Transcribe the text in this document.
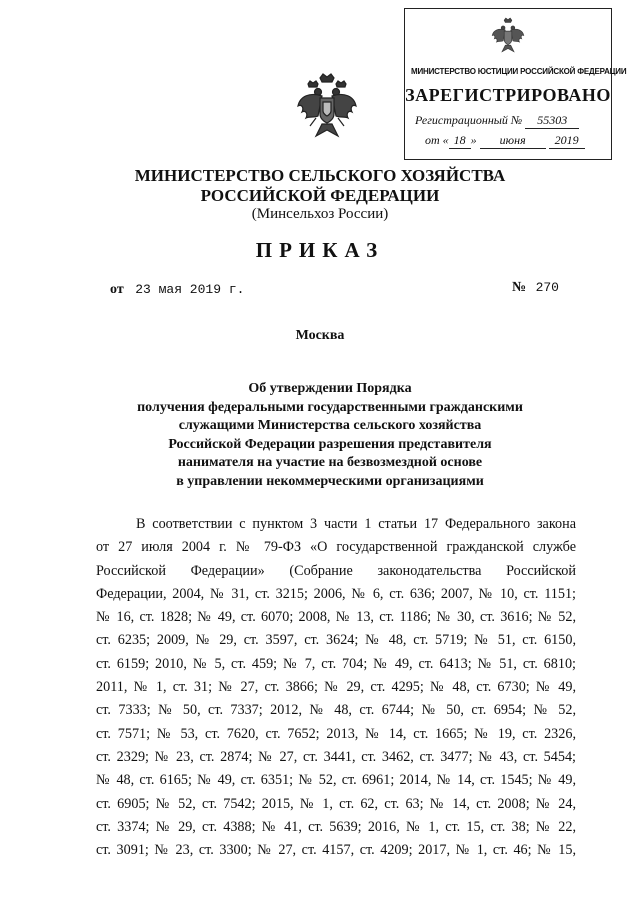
МИНИСТЕРСТВО ЮСТИЦИИ РОССИЙСКОЙ ФЕДЕРАЦИИ
ЗАРЕГИСТРИРОВАНО
Регистрационный № 55303
от « 18 » июня 2019
МИНИСТЕРСТВО СЕЛЬСКОГО ХОЗЯЙСТВА
РОССИЙСКОЙ ФЕДЕРАЦИИ
(Минсельхоз России)
ПРИКАЗ
от 23 мая 2019 г.	№ 270
Москва
Об утверждении Порядка
получения федеральными государственными гражданскими
служащими Министерства сельского хозяйства
Российской Федерации разрешения представителя
нанимателя на участие на безвозмездной основе
в управлении некоммерческими организациями
В соответствии с пунктом 3 части 1 статьи 17 Федерального закона
от 27 июля 2004 г. № 79-ФЗ «О государственной гражданской службе
Российской Федерации» (Собрание законодательства Российской
Федерации, 2004, № 31, ст. 3215; 2006, № 6, ст. 636; 2007, № 10, ст. 1151;
№ 16, ст. 1828; № 49, ст. 6070; 2008, № 13, ст. 1186; № 30, ст. 3616; № 52,
ст. 6235; 2009, № 29, ст. 3597, ст. 3624; № 48, ст. 5719; № 51, ст. 6150,
ст. 6159; 2010, № 5, ст. 459; № 7, ст. 704; № 49, ст. 6413; № 51, ст. 6810;
2011, № 1, ст. 31; № 27, ст. 3866; № 29, ст. 4295; № 48, ст. 6730; № 49,
ст. 7333; № 50, ст. 7337; 2012, № 48, ст. 6744; № 50, ст. 6954; № 52,
ст. 7571; № 53, ст. 7620, ст. 7652; 2013, № 14, ст. 1665; № 19, ст. 2326,
ст. 2329; № 23, ст. 2874; № 27, ст. 3441, ст. 3462, ст. 3477; № 43, ст. 5454;
№ 48, ст. 6165; № 49, ст. 6351; № 52, ст. 6961; 2014, № 14, ст. 1545; № 49,
ст. 6905; № 52, ст. 7542; 2015, № 1, ст. 62, ст. 63; № 14, ст. 2008; № 24,
ст. 3374; № 29, ст. 4388; № 41, ст. 5639; 2016, № 1, ст. 15, ст. 38; № 22,
ст. 3091; № 23, ст. 3300; № 27, ст. 4157, ст. 4209; 2017, № 1, ст. 46; № 15,
